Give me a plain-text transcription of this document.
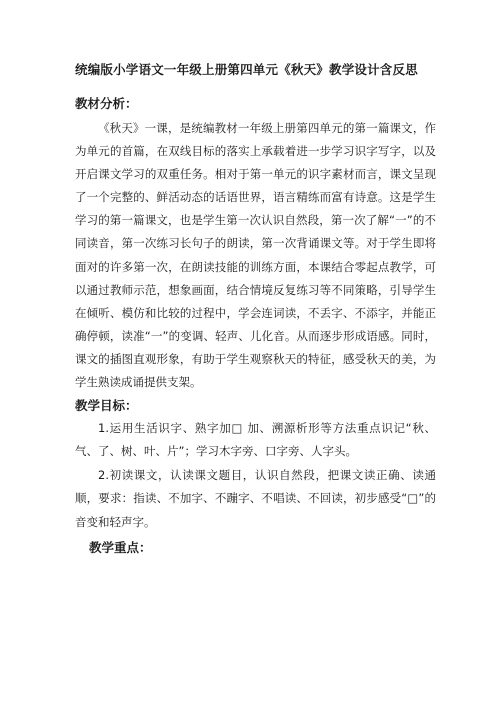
统编版小学语文一年级上册第四单元《秋天》教学设计含反思
教材分析：

《秋天》一课，是统编教材一年级上册第四单元的第一篇课文，作为单元的首篇，在双线目标的落实上承载着进一步学习识字写字，以及开启课文学习的双重任务。相对于第一单元的识字素材而言，课文呈现了一个完整的、鲜活动态的话语世界，语言精练而富有诗意。这是学生学习的第一篇课文，也是学生第一次认识自然段，第一次了解“一”的不同读音，第一次练习长句子的朗读，第一次背诵课文等。对于学生即将面对的许多第一次，在朗读技能的训练方面，本课结合零起点教学，可以通过教师示范，想象画面，结合情境反复练习等不同策略，引导学生在倾听、模仿和比较的过程中，学会连词读，不丢字、不添字，并能正确停顿，读准“一”的变调、轻声、儿化音。从而逐步形成语感。同时，课文的插图直观形象，有助于学生观察秋天的特征，感受秋天的美，为学生熟读成诵提供支架。

教学目标：

1.运用生活识字、熟字加□ 加、溯源析形等方法重点识记“秋、气、了、树、叶、片”；学习木字旁、口字旁、人字头。

2.初读课文，认读课文题目，认识自然段，把课文读正确、读通顺，要求：指读、不加字、不蹦字、不唱读、不回读，初步感受“□”的音变和轻声字。

教学重点：
